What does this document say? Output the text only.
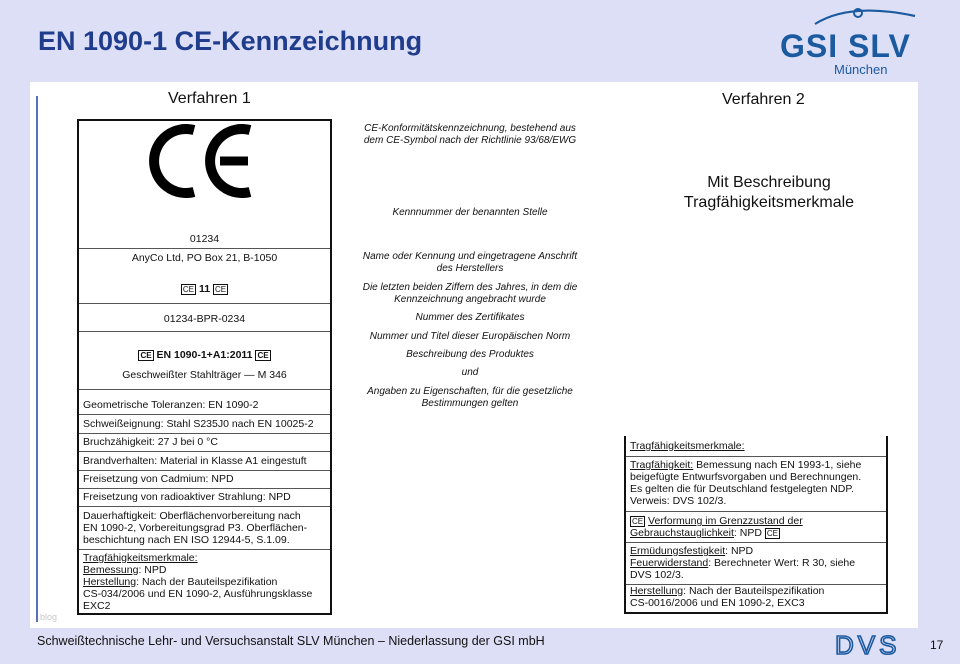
EN 1090-1 CE-Kennzeichnung	GSI SLV
München
Verfahren 1	Verfahren 2
Mit Beschreibung
Tragfähigkeitsmerkmale
01234
AnyCo Ltd, PO Box 21, B-1050
CE 11 CE
01234-BPR-0234
CE EN 1090-1+A1:2011 CE
Geschweißter Stahlträger — M 346
Geometrische Toleranzen: EN 1090-2
Schweißeignung: Stahl S235J0 nach EN 10025-2
Bruchzähigkeit: 27 J bei 0 °C
Brandverhalten: Material in Klasse A1 eingestuft
Freisetzung von Cadmium: NPD
Freisetzung von radioaktiver Strahlung: NPD
Dauerhaftigkeit: Oberflächenvorbereitung nach
EN 1090-2, Vorbereitungsgrad P3. Oberflächen-
beschichtung nach EN ISO 12944-5, S.1.09.
Tragfähigkeitsmerkmale:
Bemessung: NPD
Herstellung: Nach der Bauteilspezifikation
CS-034/2006 und EN 1090-2, Ausführungsklasse
EXC2
CE-Konformitätskennzeichnung, bestehend aus
dem CE-Symbol nach der Richtlinie 93/68/EWG
Kennnummer der benannten Stelle
Name oder Kennung und eingetragene Anschrift
des Herstellers
Die letzten beiden Ziffern des Jahres, in dem die
Kennzeichnung angebracht wurde
Nummer des Zertifikates
Nummer und Titel dieser Europäischen Norm
Beschreibung des Produktes
und
Angaben zu Eigenschaften, für die gesetzliche
Bestimmungen gelten
Tragfähigkeitsmerkmale:
Tragfähigkeit: Bemessung nach EN 1993-1, siehe
beigefügte Entwurfsvorgaben und Berechnungen.
Es gelten die für Deutschland festgelegten NDP.
Verweis: DVS 102/3.
CE Verformung im Grenzzustand der
Gebrauchstauglichkeit: NPD CE
Ermüdungsfestigkeit: NPD
Feuerwiderstand: Berechneter Wert: R 30, siehe
DVS 102/3.
Herstellung: Nach der Bauteilspezifikation
CS-0016/2006 und EN 1090-2, EXC3
blog
Schweißtechnische Lehr- und Versuchsanstalt SLV München – Niederlassung der GSI mbH	DVS 17
